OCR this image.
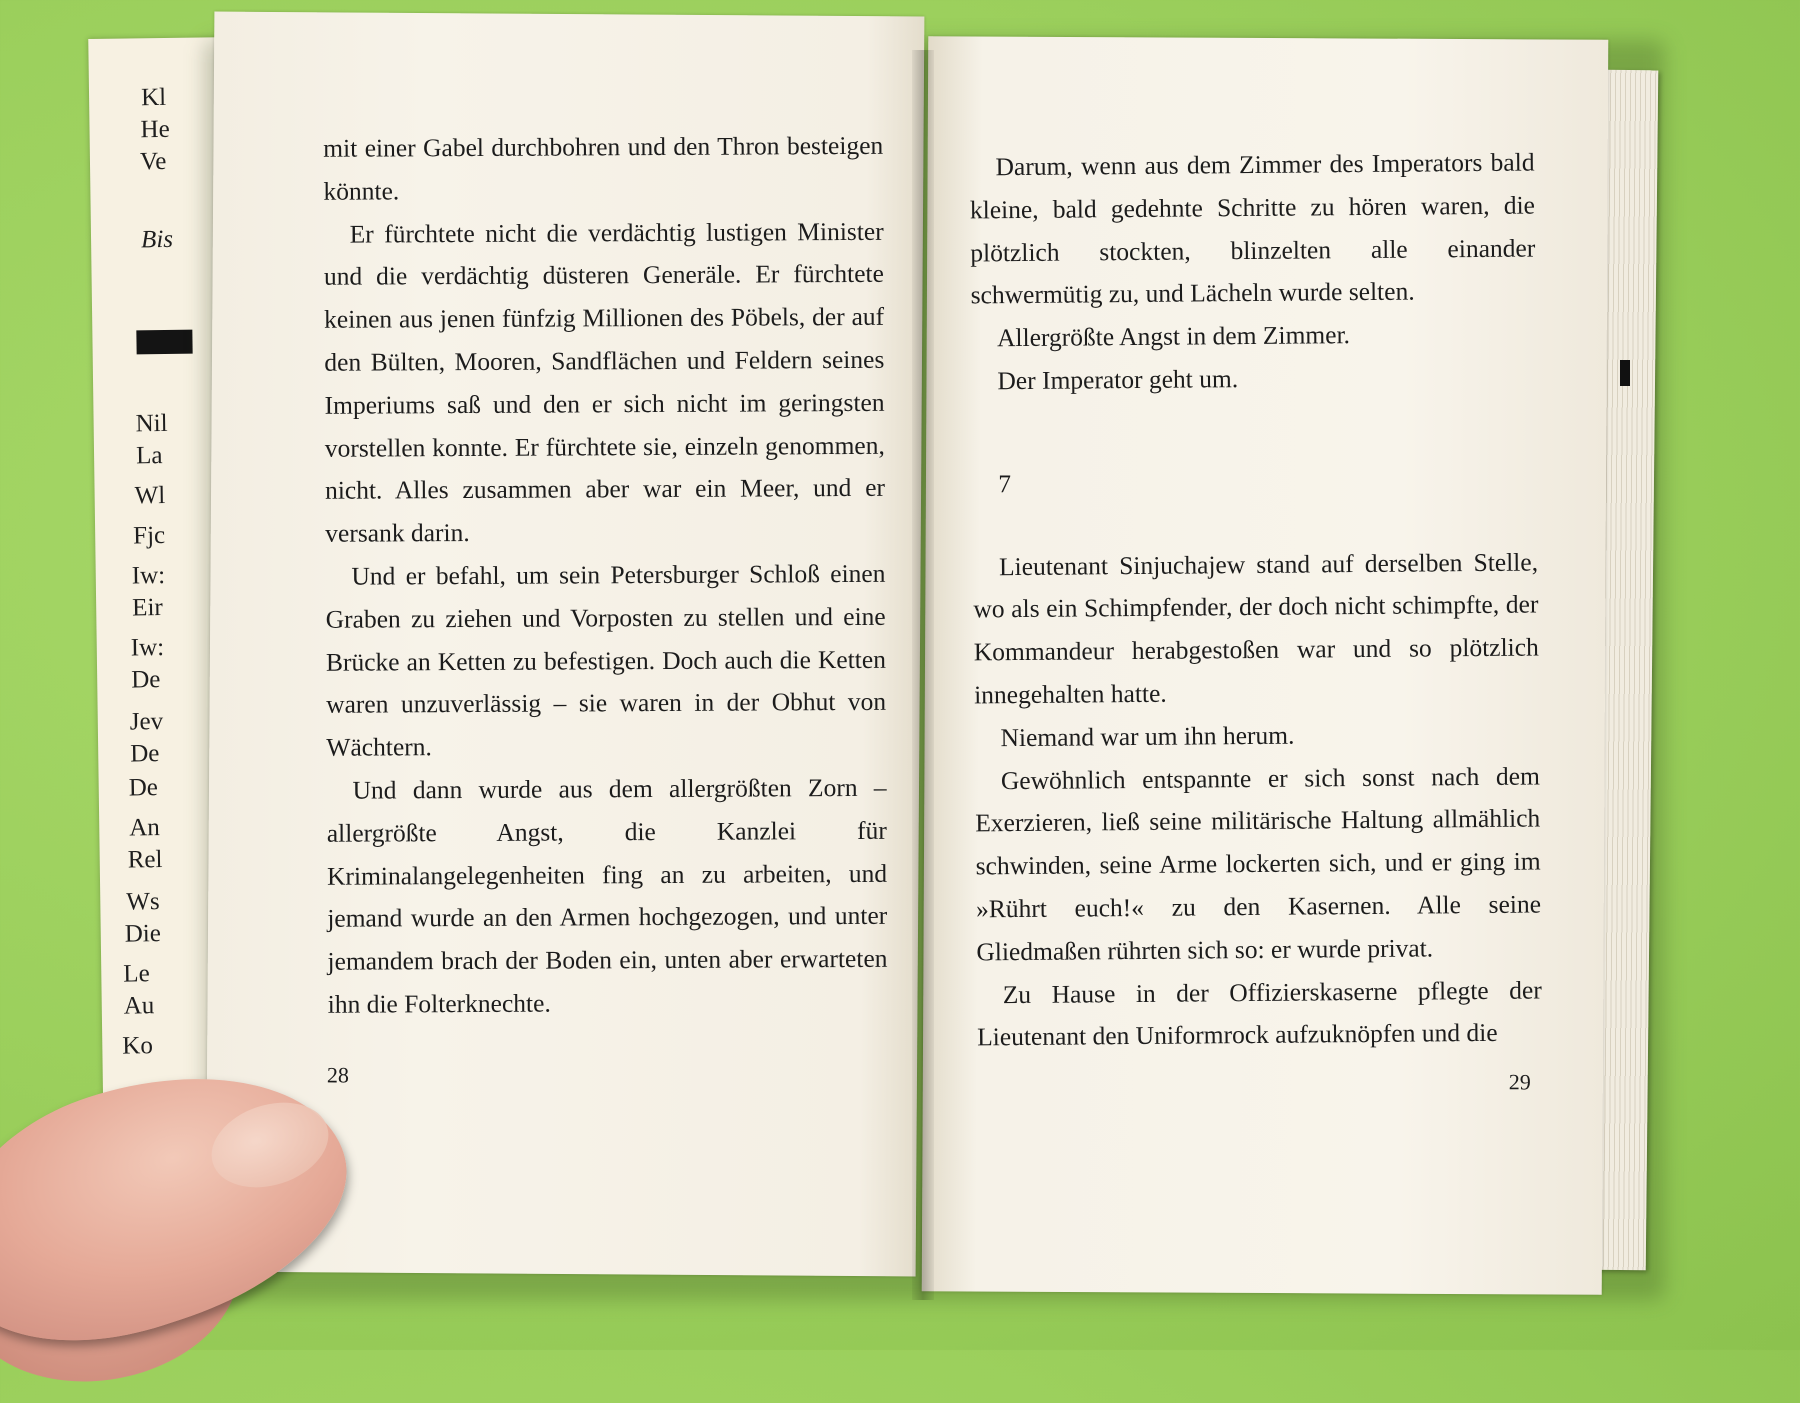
Kl
He
Ve
Bis
Nil
La
Wl
Fjc
Iw:
Eir
Iw:
De
Jev
De
De
An
Rel
Ws
Die
Le
Au
Ko

mit einer Gabel durchbohren und den Thron besteigen könnte.

Er fürchtete nicht die verdächtig lustigen Minister und die verdächtig düsteren Generäle. Er fürchtete keinen aus jenen fünfzig Millionen des Pöbels, der auf den Bülten, Mooren, Sandflächen und Feldern seines Imperiums saß und den er sich nicht im geringsten vorstellen konnte. Er fürchtete sie, einzeln genommen, nicht. Alles zusammen aber war ein Meer, und er versank darin.

Und er befahl, um sein Petersburger Schloß einen Graben zu ziehen und Vorposten zu stellen und eine Brücke an Ketten zu befestigen. Doch auch die Ketten waren unzuverlässig – sie waren in der Obhut von Wächtern.

Und dann wurde aus dem allergrößten Zorn – allergrößte Angst, die Kanzlei für Kriminalangelegenheiten fing an zu arbeiten, und jemand wurde an den Armen hochgezogen, und unter jemandem brach der Boden ein, unten aber erwarteten ihn die Folterknechte.

28

Darum, wenn aus dem Zimmer des Imperators bald kleine, bald gedehnte Schritte zu hören waren, die plötzlich stockten, blinzelten alle einander schwermütig zu, und Lächeln wurde selten.

Allergrößte Angst in dem Zimmer.

Der Imperator geht um.

7

Lieutenant Sinjuchajew stand auf derselben Stelle, wo als ein Schimpfender, der doch nicht schimpfte, der Kommandeur herabgestoßen war und so plötzlich innegehalten hatte.

Niemand war um ihn herum.

Gewöhnlich entspannte er sich sonst nach dem Exerzieren, ließ seine militärische Haltung allmählich schwinden, seine Arme lockerten sich, und er ging im »Rührt euch!« zu den Kasernen. Alle seine Gliedmaßen rührten sich so: er wurde privat.

Zu Hause in der Offizierskaserne pflegte der Lieutenant den Uniformrock aufzuknöpfen und die

29
